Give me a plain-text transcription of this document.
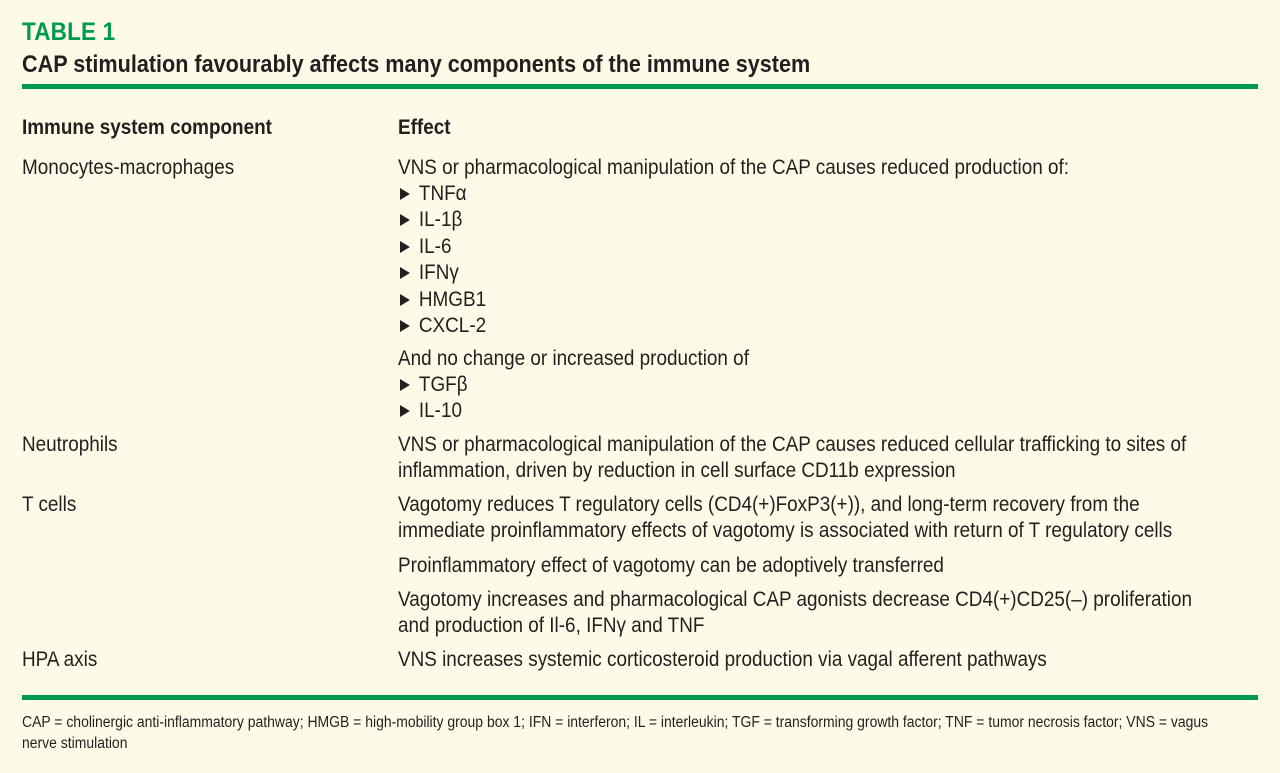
TABLE 1
CAP stimulation favourably affects many components of the immune system
Immune system component	Effect
Monocytes-macrophages	VNS or pharmacological manipulation of the CAP causes reduced production of:
TNFα
IL-1β
IL-6
IFNγ
HMGB1
CXCL-2
And no change or increased production of
TGFβ
IL-10
Neutrophils	VNS or pharmacological manipulation of the CAP causes reduced cellular trafficking to sites of
inflammation, driven by reduction in cell surface CD11b expression
T cells	Vagotomy reduces T regulatory cells (CD4(+)FoxP3(+)), and long-term recovery from the
immediate proinflammatory effects of vagotomy is associated with return of T regulatory cells
Proinflammatory effect of vagotomy can be adoptively transferred
Vagotomy increases and pharmacological CAP agonists decrease CD4(+)CD25(–) proliferation
and production of Il-6, IFNγ and TNF
HPA axis	VNS increases systemic corticosteroid production via vagal afferent pathways
CAP = cholinergic anti-inflammatory pathway; HMGB = high-mobility group box 1; IFN = interferon; IL = interleukin; TGF = transforming growth factor; TNF = tumor necrosis factor; VNS = vagus nerve stimulation
